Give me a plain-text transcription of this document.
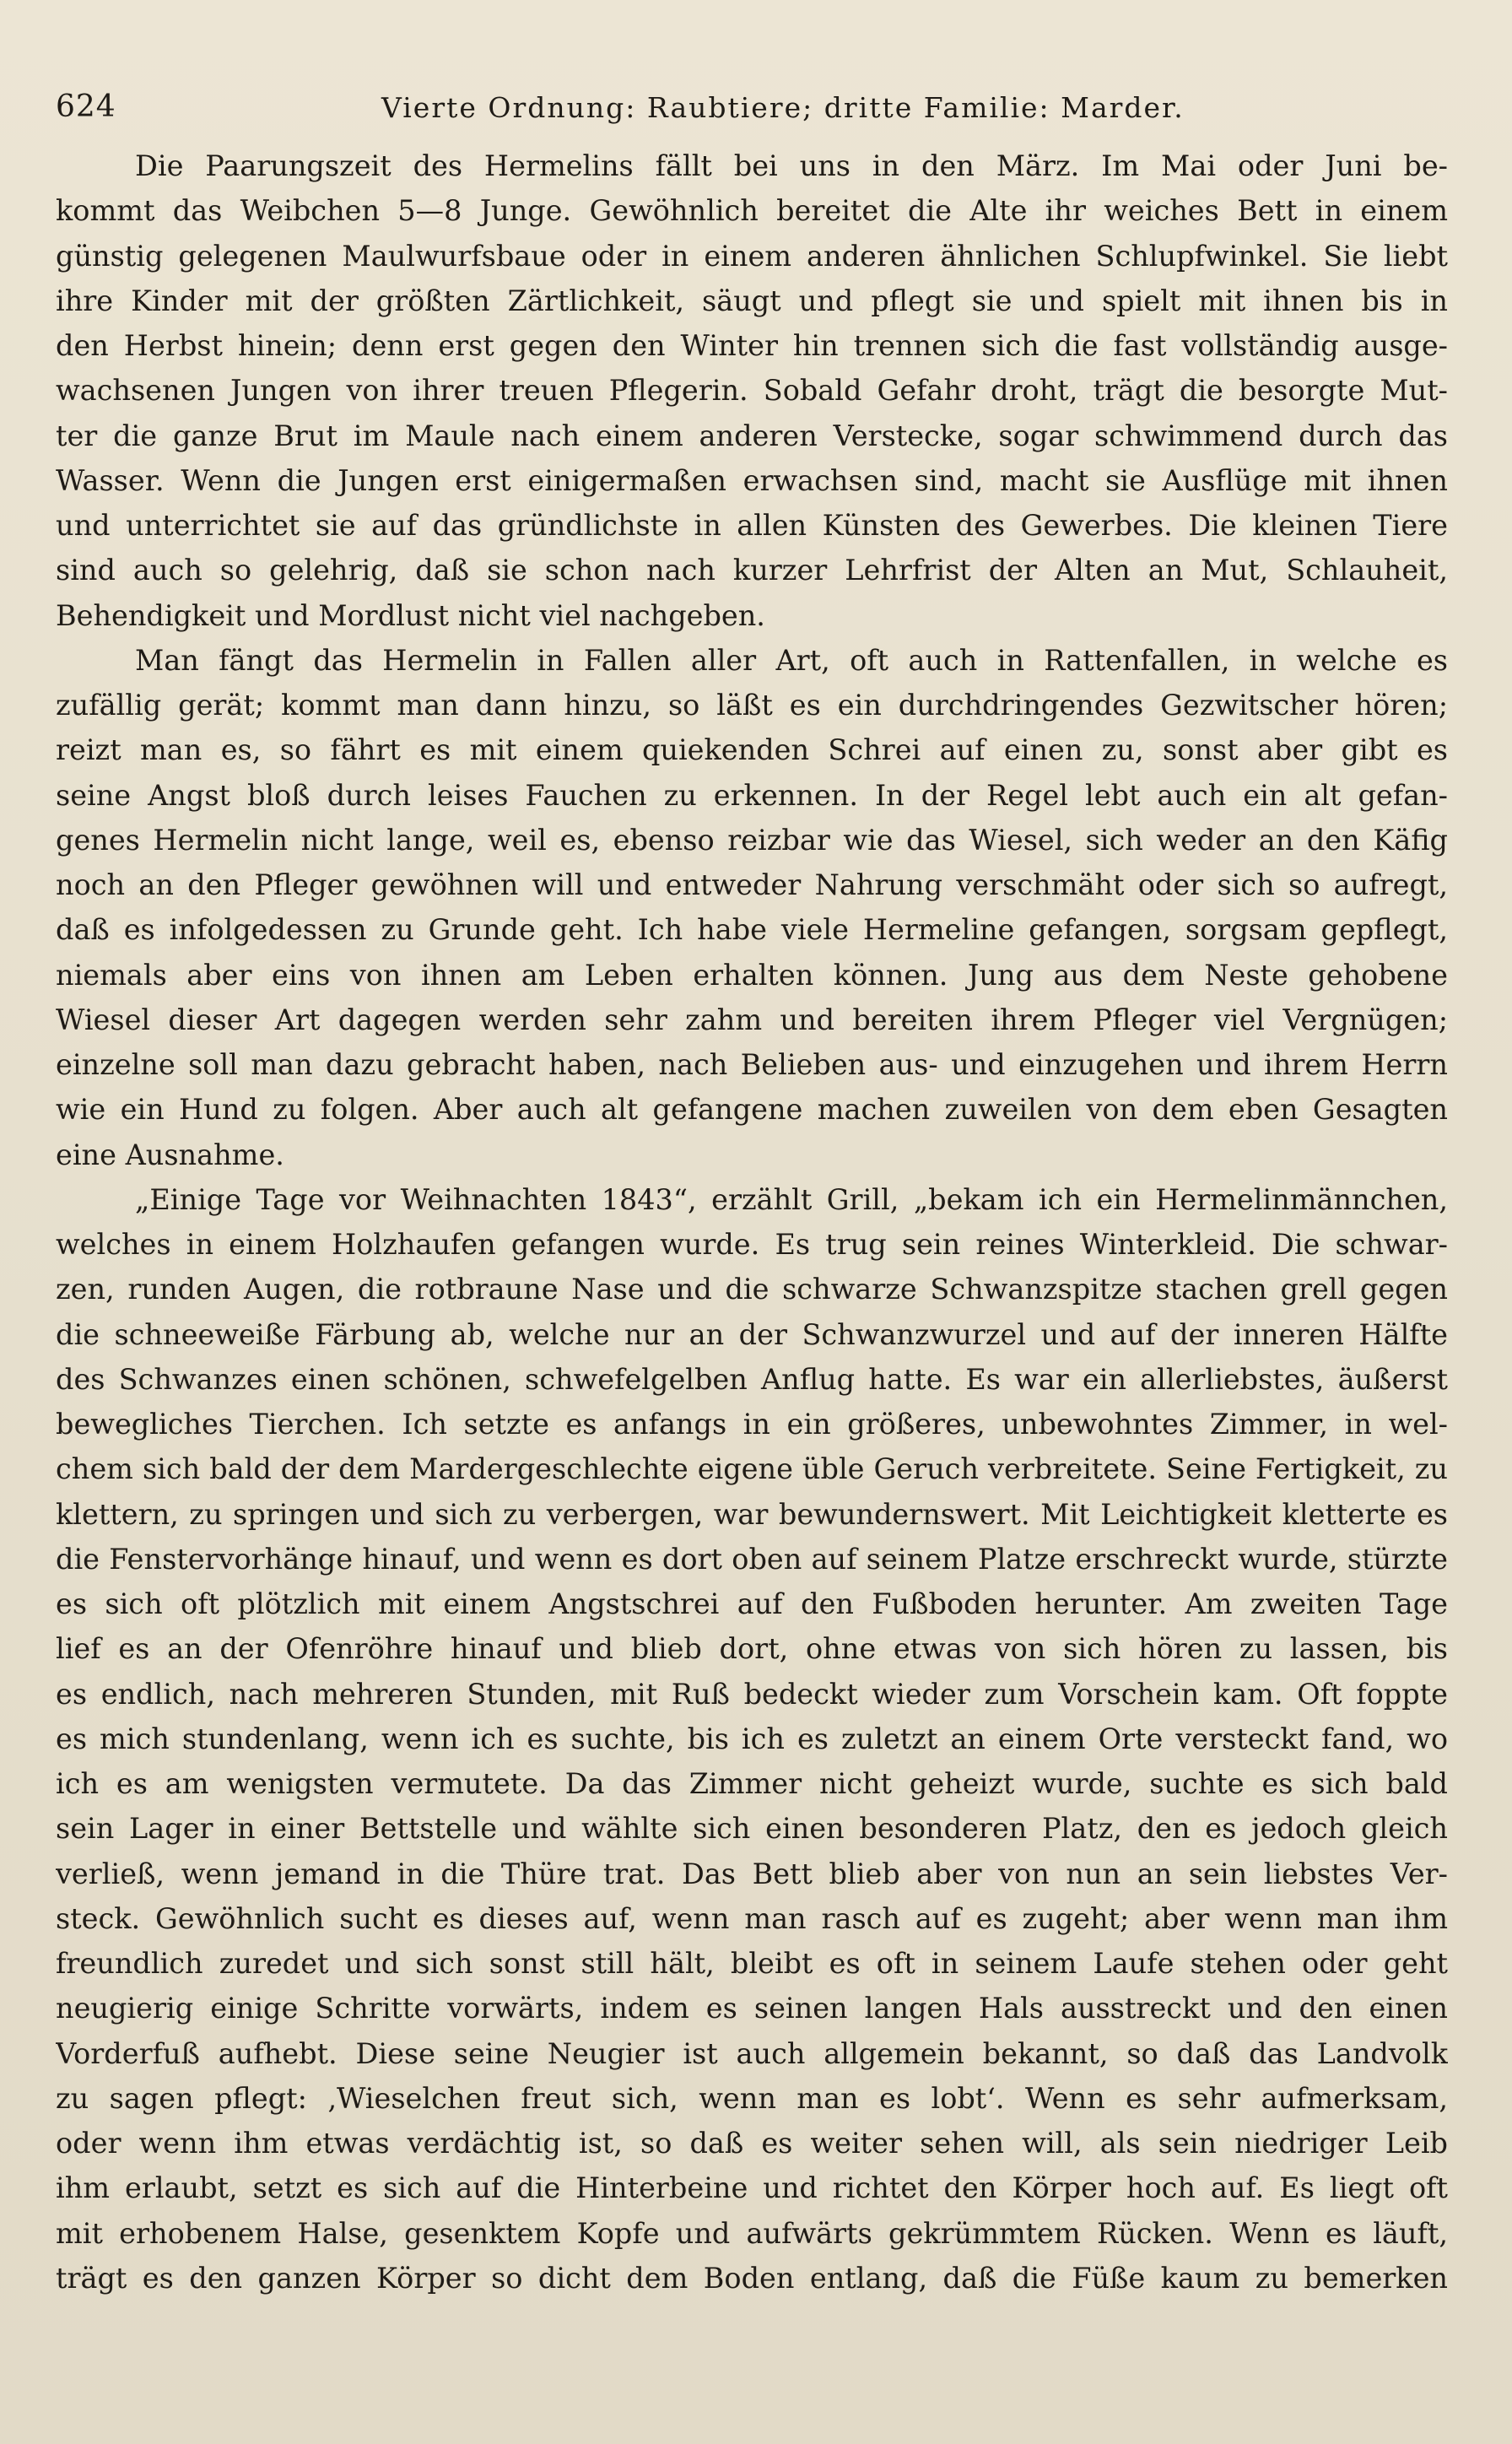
624	Vierte Ordnung: Raubtiere; dritte Familie: Marder.
Die Paarungszeit des Hermelins fällt bei uns in den März. Im Mai oder Juni be-
kommt das Weibchen 5—8 Junge. Gewöhnlich bereitet die Alte ihr weiches Bett in einem
günstig gelegenen Maulwurfsbaue oder in einem anderen ähnlichen Schlupfwinkel. Sie liebt
ihre Kinder mit der größten Zärtlichkeit, säugt und pflegt sie und spielt mit ihnen bis in
den Herbst hinein; denn erst gegen den Winter hin trennen sich die fast vollständig ausge-
wachsenen Jungen von ihrer treuen Pflegerin. Sobald Gefahr droht, trägt die besorgte Mut-
ter die ganze Brut im Maule nach einem anderen Verstecke, sogar schwimmend durch das
Wasser. Wenn die Jungen erst einigermaßen erwachsen sind, macht sie Ausflüge mit ihnen
und unterrichtet sie auf das gründlichste in allen Künsten des Gewerbes. Die kleinen Tiere
sind auch so gelehrig, daß sie schon nach kurzer Lehrfrist der Alten an Mut, Schlauheit,
Behendigkeit und Mordlust nicht viel nachgeben.
Man fängt das Hermelin in Fallen aller Art, oft auch in Rattenfallen, in welche es
zufällig gerät; kommt man dann hinzu, so läßt es ein durchdringendes Gezwitscher hören;
reizt man es, so fährt es mit einem quiekenden Schrei auf einen zu, sonst aber gibt es
seine Angst bloß durch leises Fauchen zu erkennen. In der Regel lebt auch ein alt gefan-
genes Hermelin nicht lange, weil es, ebenso reizbar wie das Wiesel, sich weder an den Käfig
noch an den Pfleger gewöhnen will und entweder Nahrung verschmäht oder sich so aufregt,
daß es infolgedessen zu Grunde geht. Ich habe viele Hermeline gefangen, sorgsam gepflegt,
niemals aber eins von ihnen am Leben erhalten können. Jung aus dem Neste gehobene
Wiesel dieser Art dagegen werden sehr zahm und bereiten ihrem Pfleger viel Vergnügen;
einzelne soll man dazu gebracht haben, nach Belieben aus- und einzugehen und ihrem Herrn
wie ein Hund zu folgen. Aber auch alt gefangene machen zuweilen von dem eben Gesagten
eine Ausnahme.
„Einige Tage vor Weihnachten 1843“, erzählt Grill, „bekam ich ein Hermelinmännchen,
welches in einem Holzhaufen gefangen wurde. Es trug sein reines Winterkleid. Die schwar-
zen, runden Augen, die rotbraune Nase und die schwarze Schwanzspitze stachen grell gegen
die schneeweiße Färbung ab, welche nur an der Schwanzwurzel und auf der inneren Hälfte
des Schwanzes einen schönen, schwefelgelben Anflug hatte. Es war ein allerliebstes, äußerst
bewegliches Tierchen. Ich setzte es anfangs in ein größeres, unbewohntes Zimmer, in wel-
chem sich bald der dem Mardergeschlechte eigene üble Geruch verbreitete. Seine Fertigkeit, zu
klettern, zu springen und sich zu verbergen, war bewundernswert. Mit Leichtigkeit kletterte es
die Fenstervorhänge hinauf, und wenn es dort oben auf seinem Platze erschreckt wurde, stürzte
es sich oft plötzlich mit einem Angstschrei auf den Fußboden herunter. Am zweiten Tage
lief es an der Ofenröhre hinauf und blieb dort, ohne etwas von sich hören zu lassen, bis
es endlich, nach mehreren Stunden, mit Ruß bedeckt wieder zum Vorschein kam. Oft foppte
es mich stundenlang, wenn ich es suchte, bis ich es zuletzt an einem Orte versteckt fand, wo
ich es am wenigsten vermutete. Da das Zimmer nicht geheizt wurde, suchte es sich bald
sein Lager in einer Bettstelle und wählte sich einen besonderen Platz, den es jedoch gleich
verließ, wenn jemand in die Thüre trat. Das Bett blieb aber von nun an sein liebstes Ver-
steck. Gewöhnlich sucht es dieses auf, wenn man rasch auf es zugeht; aber wenn man ihm
freundlich zuredet und sich sonst still hält, bleibt es oft in seinem Laufe stehen oder geht
neugierig einige Schritte vorwärts, indem es seinen langen Hals ausstreckt und den einen
Vorderfuß aufhebt. Diese seine Neugier ist auch allgemein bekannt, so daß das Landvolk
zu sagen pflegt: ‚Wieselchen freut sich, wenn man es lobt‘. Wenn es sehr aufmerksam,
oder wenn ihm etwas verdächtig ist, so daß es weiter sehen will, als sein niedriger Leib
ihm erlaubt, setzt es sich auf die Hinterbeine und richtet den Körper hoch auf. Es liegt oft
mit erhobenem Halse, gesenktem Kopfe und aufwärts gekrümmtem Rücken. Wenn es läuft,
trägt es den ganzen Körper so dicht dem Boden entlang, daß die Füße kaum zu bemerken
